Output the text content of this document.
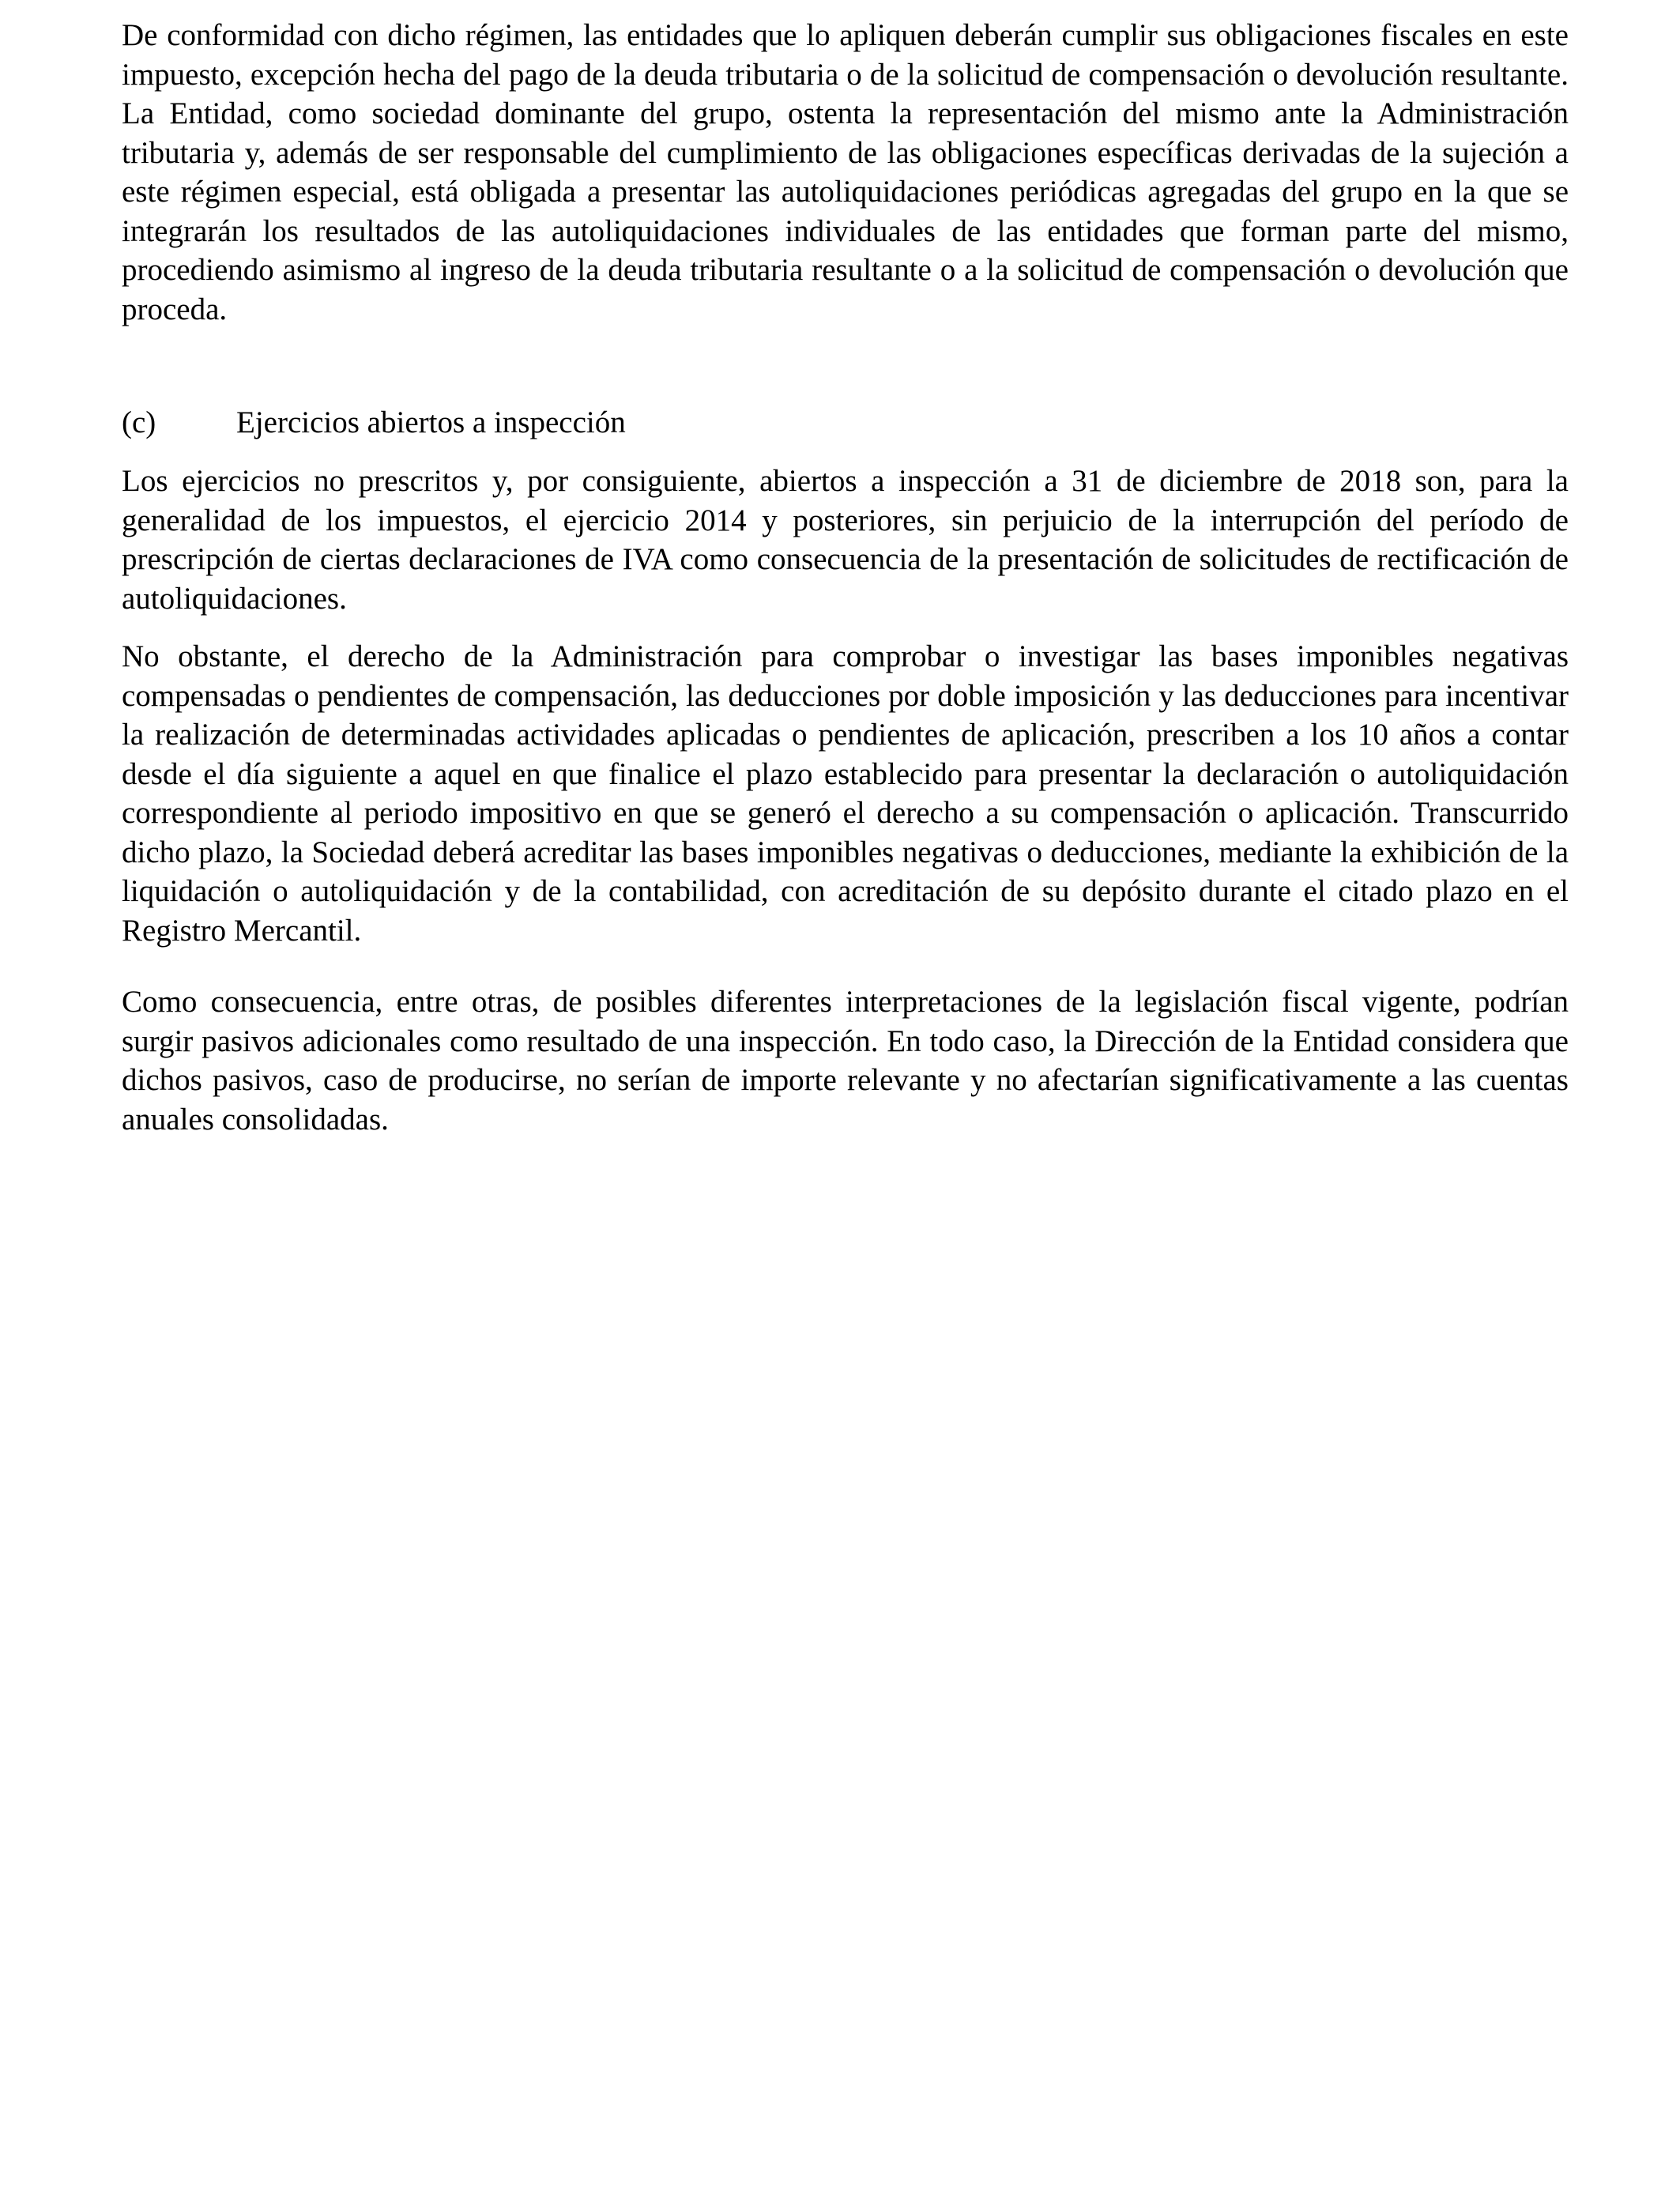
De conformidad con dicho régimen, las entidades que lo apliquen deberán cumplir sus obligaciones fiscales en este impuesto, excepción hecha del pago de la deuda tributaria o de la solicitud de compensación o devolución resultante. La Entidad, como sociedad dominante del grupo, ostenta la representación del mismo ante la Administración tributaria y, además de ser responsable del cumplimiento de las obligaciones específicas derivadas de la sujeción a este régimen especial, está obligada a presentar las autoliquidaciones periódicas agregadas del grupo en la que se integrarán los resultados de las autoliquidaciones individuales de las entidades que forman parte del mismo, procediendo asimismo al ingreso de la deuda tributaria resultante o a la solicitud de compensación o devolución que proceda.

(c)	Ejercicios abiertos a inspección

Los ejercicios no prescritos y, por consiguiente, abiertos a inspección a 31 de diciembre de 2018 son, para la generalidad de los impuestos, el ejercicio 2014 y posteriores, sin perjuicio de la interrupción del período de prescripción de ciertas declaraciones de IVA como consecuencia de la presentación de solicitudes de rectificación de autoliquidaciones.

No obstante, el derecho de la Administración para comprobar o investigar las bases imponibles negativas compensadas o pendientes de compensación, las deducciones por doble imposición y las deducciones para incentivar la realización de determinadas actividades aplicadas o pendientes de aplicación, prescriben a los 10 años a contar desde el día siguiente a aquel en que finalice el plazo establecido para presentar la declaración o autoliquidación correspondiente al periodo impositivo en que se generó el derecho a su compensación o aplicación. Transcurrido dicho plazo, la Sociedad deberá acreditar las bases imponibles negativas o deducciones, mediante la exhibición de la liquidación o autoliquidación y de la contabilidad, con acreditación de su depósito durante el citado plazo en el Registro Mercantil.

Como consecuencia, entre otras, de posibles diferentes interpretaciones de la legislación fiscal vigente, podrían surgir pasivos adicionales como resultado de una inspección. En todo caso, la Dirección de la Entidad considera que dichos pasivos, caso de producirse, no serían de importe relevante y no afectarían significativamente a las cuentas anuales consolidadas.
